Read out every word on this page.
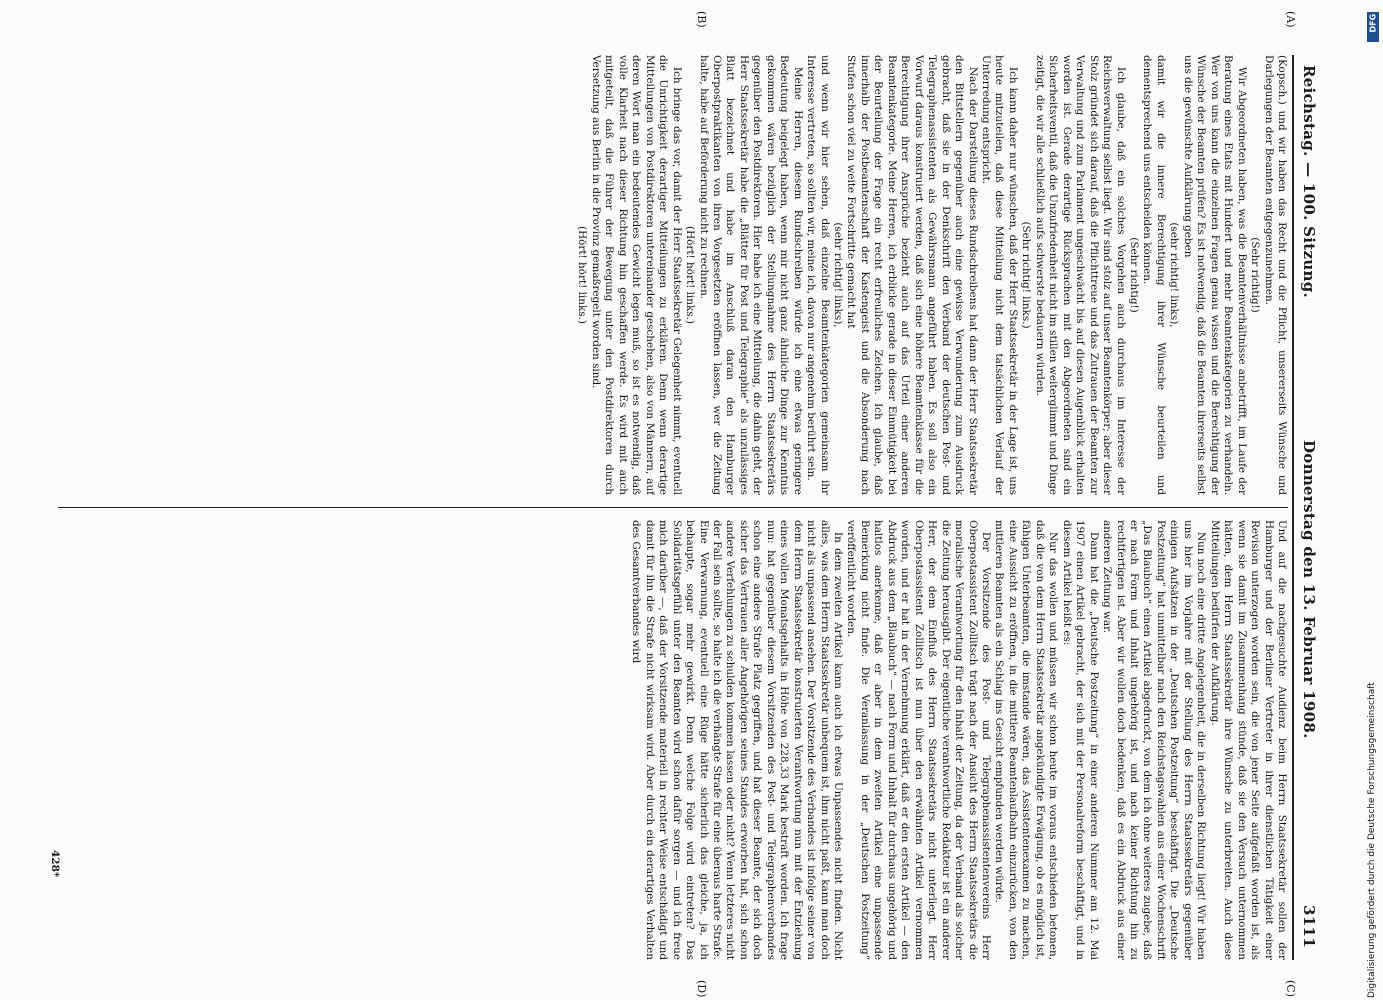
Reichstag. — 100. Sitzung.
Donnerstag den 13. Februar 1908.
3111
(A)
(B)
(C)
(D)

(Kopsch.) und wir haben das Recht und die Pflicht, unsererseits Wünsche und Darlegungen der Beamten entgegenzunehmen.

(Sehr richtig!)

Wir Abgeordneten haben, was die Beamtenverhältnisse anbetrifft, im Laufe der Beratung eines Etats mit Hundert und mehr Beamtenkategorien zu verhandeln. Wer von uns kann die einzelnen Fragen genau wissen und die Berechtigung der Wünsche der Beamten prüfen? Es ist notwendig, daß die Beamten ihrerseits selbst uns die gewünschte Aufklärung geben

(sehr richtig! links),

damit wir die innere Berechtigung ihrer Wünsche beurteilen und dementsprechend uns entscheiden können.

(Sehr richtig!)

Ich glaube, daß ein solches Vorgehen auch durchaus im Interesse der Reichsverwaltung selbst liegt. Wir sind stolz auf unser Beamtenkörper; aber dieser Stolz gründet sich darauf, daß die Pflichttreue und das Zutrauen der Beamten zur Verwaltung und zum Parlament ungeschwächt bis auf diesen Augenblick erhalten worden ist. Gerade derartige Rücksprachen mit den Abgeordneten sind ein Sicherheitsventil, daß die Unzufriedenheit nicht im stillen weiterglimmt und Dinge zeitigt, die wir alle schließlich aufs schwerste bedauern würden.

(Sehr richtig! links.)

Ich kann daher nur wünschen, daß der Herr Staatssekretär in der Lage ist, uns heute mitzuteilen, daß diese Mitteilung nicht dem tatsächlichen Verlauf der Unterredung entspricht.

Nach der Darstellung dieses Rundschreibens hat dann der Herr Staatssekretär den Bittstellern gegenüber auch eine gewisse Verwunderung zum Ausdruck gebracht, daß sie in der Denkschrift den Verband der deutschen Post- und Telegraphenassistenten als Gewährsmann angeführt haben. Es soll also ein Vorwurf daraus konstruiert werden, daß sich eine höhere Beamtenklasse für die Berechtigung ihrer Ansprüche bezieht auch auf das Urteil einer anderen Beamtenkategorie. Meine Herren, ich erblicke gerade in dieser Einmütigkeit bei der Beurteilung der Frage ein recht erfreuliches Zeichen. Ich glaube, daß innerhalb der Postbeamtenschaft der Kastengeist und die Absonderung nach Stufen schon viel zu weite Fortschritte gemacht hat

(sehr richtig! links),

und wenn wir hier sehen, daß einzelne Beamtenkategorien gemeinsam ihr Interesse vertreten, so sollten wir, meine ich, davon nur angenehm berührt sein.

Meine Herren, diesem Rundschreiben würde ich eine etwas geringere Bedeutung beigelegt haben, wenn mir nicht ganz ähnliche Dinge zur Kenntnis gekommen wären bezüglich der Stellungnahme des Herrn Staatssekretärs gegenüber den Postdirektoren. Hier habe ich eine Mitteilung, die dahin geht, der Herr Staatssekretär habe die „Blätter für Post und Telegraphie“ als unzulässiges Blatt bezeichnet und habe im Anschluß daran den Hamburger Oberpostpraktikanten von ihren Vorgesetzten eröffnen lassen, wer die Zeitung halte, habe auf Beförderung nicht zu rechnen.

(Hört! hört! links.)

Ich bringe das vor, damit der Herr Staatssekretär Gelegenheit nimmt, eventuell die Unrichtigkeit derartiger Mitteilungen zu erklären. Denn wenn derartige Mitteilungen von Postdirektoren untereinander geschehen, also von Männern, auf deren Wort man ein bedeutendes Gewicht legen muß, so ist es notwendig, daß volle Klarheit nach dieser Richtung hin geschaffen werde. Es wird mit auch mitgeteilt, daß die Führer der Bewegung unter den Postdirektoren durch Versetzung aus Berlin in die Provinz gemaßregelt worden sind.

(Hört! hört! links.)

Und auf die nachgesuchte Audienz beim Herrn Staatssekretär sollen der Hamburger und der Berliner Vertreter in ihrer dienstlichen Tätigkeit einer Revision unterzogen worden sein, die von jener Seite aufgefaßt worden ist, als wenn sie damit im Zusammenhang stünde, daß sie den Versuch unternommen hätten, dem Herrn Staatssekretär ihre Wünsche zu unterbreiten. Auch diese Mitteilungen bedürfen der Aufklärung.

Nun noch eine dritte Angelegenheit, die in derselben Richtung liegt! Wir haben uns hier im Vorjahre mit der Stellung des Herrn Staatssekretärs gegenüber einigen Aufsätzen in der „Deutschen Postzeitung“ beschäftigt. Die „Deutsche Postzeitung“ hat unmittelbar nach den Reichstagswahlen aus einer Wochenschrift „Das Blaubuch“ einen Artikel abgedruckt, von dem ich ohne weiteres zugebe, daß er nach Form und Inhalt ungehörig ist, und nach keiner Richtung hin zu rechtfertigen ist. Aber wir wollen doch bedenken, daß es ein Abdruck aus einer anderen Zeitung war.

Dann hat die „Deutsche Postzeitung“ in einer anderen Nummer am 12. Mai 1907 einen Artikel gebracht, der sich mit der Personalreform beschäftigt, und in diesem Artikel heißt es:

Nur das wollen und müssen wir schon heute im voraus entschieden betonen, daß die von dem Herrn Staatssekretär angekündigte Erwägung, ob es möglich ist, fähigen Unterbeamten, die imstande wären, das Assistentenexamen zu machen, eine Aussicht zu eröffnen, in die mittlere Beamtenlaufbahn einzurücken, von den mittleren Beamten als ein Schlag ins Gesicht empfunden werden würde.

Der Vorsitzende des Post- und Telegraphenassistentenvereins Herr Oberpostassistent Zollitsch trägt nach der Ansicht des Herrn Staatssekretärs die moralische Verantwortung für den Inhalt der Zeitung, da der Verband als solcher die Zeitung herausgibt. Der eigentliche verantwortliche Redakteur ist ein anderer Herr, der dem Einfluß des Herrn Staatssekretärs nicht unterliegt. Herr Oberpostassistent Zollitsch ist nun über den erwähnten Artikel vernommen worden, und er hat in der Vernehmung erklärt, daß er den ersten Artikel — den Abdruck aus dem „Blaubuch“ — nach Form und Inhalt für durchaus ungehörig und haltlos anerkenne, daß er aber in dem zweiten Artikel eine unpassende Bemerkung nicht finde. Die Veranlassung in der „Deutschen Postzeitung“ veröffentlicht worden.

In dem zweiten Artikel kann auch ich etwas Unpassendes nicht finden. Nicht alles, was dem Herrn Staatssekretär unbequem ist, ihm nicht paßt, kann man doch nicht als unpassend ansehen. Der Vorsitzende des Verbandes ist infolge seiner von dem Herrn Staatssekretär konstruierten Verantwortung nun mit der Entziehung eines vollen Monatsgehalts in Höhe von 228,33 Mark bestraft worden. Ich frage nun: hat gegenüber diesem Vorsitzenden des Post- und Telegraphenverbandes schon eine andere Strafe Platz gegriffen, und hat dieser Beamte, der sich doch sicher das Vertrauen aller Angehörigen seines Standes erworben hat, sich schon andere Verfehlungen zu schulden kommen lassen oder nicht? Wenn letzteres nicht der Fall sein sollte, so halte ich die verhängte Strafe für eine überaus harte Strafe. Eine Verwarnung, eventuell eine Rüge hätte sicherlich das gleiche, ja, ich behaupte, sogar mehr gewirkt. Denn welche Folge wird eintreten? Das Solidaritätsgefühl unter den Beamten wird schon dafür sorgen — und ich freue mich darüber —, daß der Vorsitzende materiell in rechter Weise entschädigt und damit für ihn die Strafe nicht wirksam wird. Aber durch ein derartiges Verhalten des Gesamtverbandes wird

428*	Digitalisierung gefördert durch die Deutsche Forschungsgemeinschaft
DFG
